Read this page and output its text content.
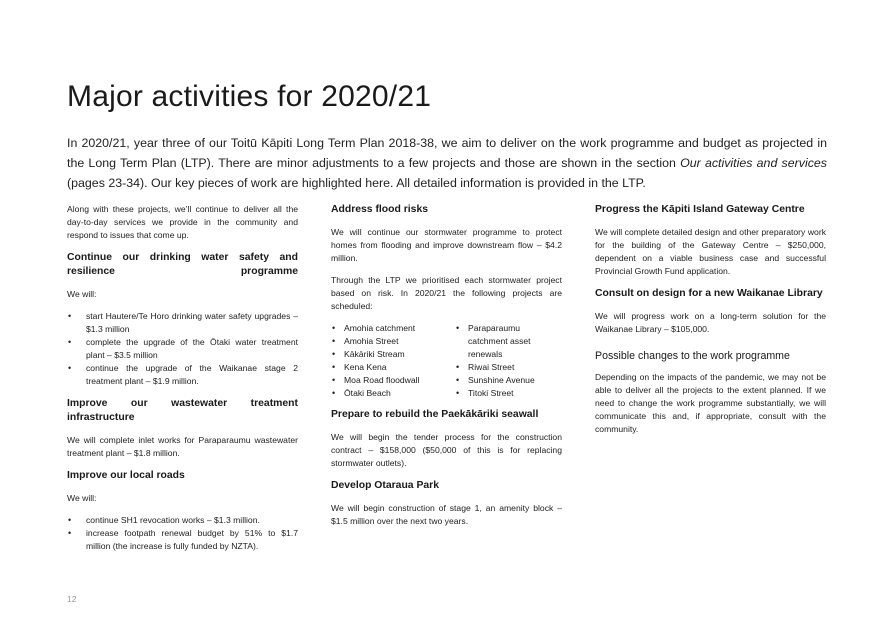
Major activities for 2020/21

In 2020/21, year three of our Toitū Kāpiti Long Term Plan 2018-38, we aim to deliver on the work programme and budget as projected in the Long Term Plan (LTP). There are minor adjustments to a few projects and those are shown in the section Our activities and services (pages 23-34). Our key pieces of work are highlighted here. All detailed information is provided in the LTP.

Along with these projects, we’ll continue to deliver all the day-to-day services we provide in the community and respond to issues that come up.

Continue our drinking water safety and resilience programme

We will:

• start Hautere/Te Horo drinking water safety upgrades – $1.3 million
• complete the upgrade of the Ōtaki water treatment plant – $3.5 million
• continue the upgrade of the Waikanae stage 2 treatment plant – $1.9 million.
Improve our wastewater treatment infrastructure

We will complete inlet works for Paraparaumu wastewater treatment plant – $1.8 million.

Improve our local roads

We will:

• continue SH1 revocation works – $1.3 million.
• increase footpath renewal budget by 51% to $1.7 million (the increase is fully funded by NZTA).
Address flood risks

We will continue our stormwater programme to protect homes from flooding and improve downstream flow – $4.2 million.

Through the LTP we prioritised each stormwater project based on risk. In 2020/21 the following projects are scheduled:

• Amohia catchment
• Amohia Street
• Kākāriki Stream
• Kena Kena
• Moa Road floodwall
• Ōtaki Beach
• Paraparaumu catchment asset renewals
• Riwai Street
• Sunshine Avenue
• Titoki Street
Prepare to rebuild the Paekākāriki seawall

We will begin the tender process for the construction contract – $158,000 ($50,000 of this is for replacing stormwater outlets).

Develop Otaraua Park

We will begin construction of stage 1, an amenity block – $1.5 million over the next two years.

Progress the Kāpiti Island Gateway Centre

We will complete detailed design and other preparatory work for the building of the Gateway Centre – $250,000, dependent on a viable business case and successful Provincial Growth Fund application.

Consult on design for a new Waikanae Library

We will progress work on a long-term solution for the Waikanae Library – $105,000.

Possible changes to the work programme

Depending on the impacts of the pandemic, we may not be able to deliver all the projects to the extent planned. If we need to change the work programme substantially, we will communicate this and, if appropriate, consult with the community.

12
